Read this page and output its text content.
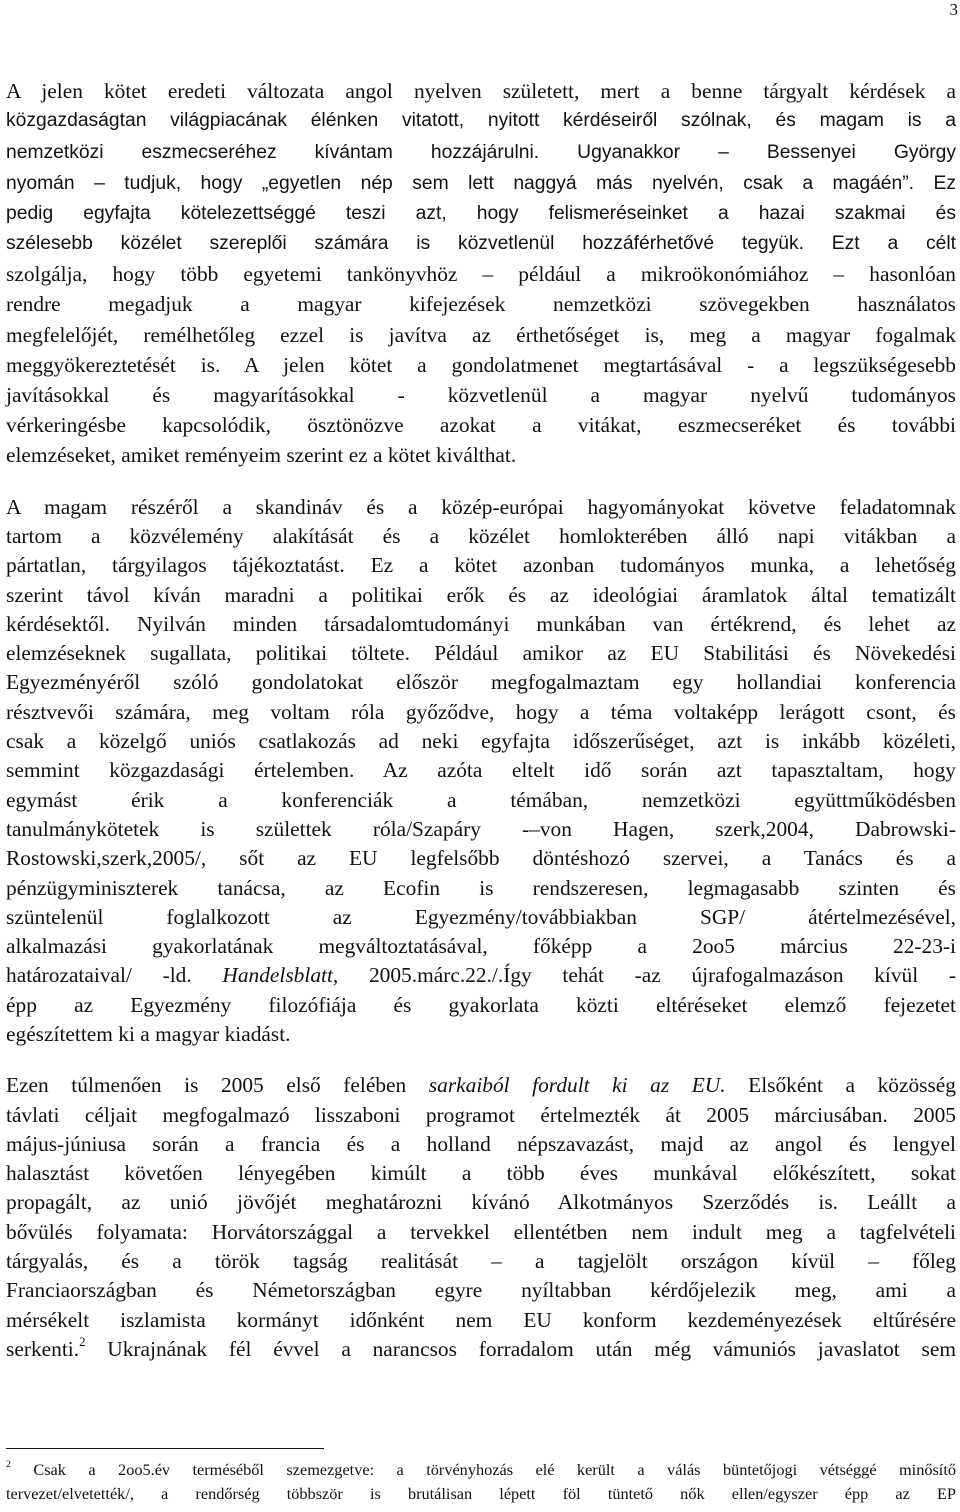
3

A jelen kötet eredeti változata angol nyelven született, mert a benne tárgyalt kérdések a
közgazdaságtan világpiacának élénken vitatott, nyitott kérdéseiről szólnak, és magam is a
nemzetközi eszmecseréhez kívántam hozzájárulni. Ugyanakkor – Bessenyei György
nyomán – tudjuk, hogy „egyetlen nép sem lett naggyá más nyelvén, csak a magáén”. Ez
pedig egyfajta kötelezettséggé teszi azt, hogy felismeréseinket a hazai szakmai és
szélesebb közélet szereplői számára is közvetlenül hozzáférhetővé tegyük. Ezt a célt
szolgálja, hogy több egyetemi tankönyvhöz – például a mikroökonómiához – hasonlóan
rendre megadjuk a magyar kifejezések nemzetközi szövegekben használatos
megfelelőjét, remélhetőleg ezzel is javítva az érthetőséget is, meg a magyar fogalmak
meggyökereztetését is. A jelen kötet a gondolatmenet megtartásával - a legszükségesebb
javításokkal és magyarításokkal - közvetlenül a magyar nyelvű tudományos
vérkeringésbe kapcsolódik, ösztönözve azokat a vitákat, eszmecseréket és további
elemzéseket, amiket reményeim szerint ez a kötet kiválthat.

A magam részéről a skandináv és a közép-európai hagyományokat követve feladatomnak
tartom a közvélemény alakítását és a közélet homlokterében álló napi vitákban a
pártatlan, tárgyilagos tájékoztatást. Ez a kötet azonban tudományos munka, a lehetőség
szerint távol kíván maradni a politikai erők és az ideológiai áramlatok által tematizált
kérdésektől. Nyilván minden társadalomtudományi munkában van értékrend, és lehet az
elemzéseknek sugallata, politikai töltete. Például amikor az EU Stabilitási és Növekedési
Egyezményéről szóló gondolatokat először megfogalmaztam egy hollandiai konferencia
résztvevői számára, meg voltam róla győződve, hogy a téma voltaképp lerágott csont, és
csak a közelgő uniós csatlakozás ad neki egyfajta időszerűséget, azt is inkább közéleti,
semmint közgazdasági értelemben. Az azóta eltelt idő során azt tapasztaltam, hogy
egymást érik a konferenciák a témában, nemzetközi együttműködésben
tanulmánykötetek is születtek róla/Szapáry -–von Hagen, szerk,2004, Dabrowski-
Rostowski,szerk,2005/, sőt az EU legfelsőbb döntéshozó szervei, a Tanács és a
pénzügyminiszterek tanácsa, az Ecofin is rendszeresen, legmagasabb szinten és
szüntelenül foglalkozott az Egyezmény/továbbiakban SGP/ átértelmezésével,
alkalmazási gyakorlatának megváltoztatásával, főképp a 2oo5 március 22-23-i
határozataival/ -ld. Handelsblatt, 2005.márc.22./.Így tehát -az újrafogalmazáson kívül -
épp az Egyezmény filozófiája és gyakorlata közti eltéréseket elemző fejezetet
egészítettem ki a magyar kiadást.

Ezen túlmenően is 2005 első felében sarkaiból fordult ki az EU. Elsőként a közösség
távlati céljait megfogalmazó lisszaboni programot értelmezték át 2005 márciusában. 2005
május-júniusa során a francia és a holland népszavazást, majd az angol és lengyel
halasztást követően lényegében kimúlt a több éves munkával előkészített, sokat
propagált, az unió jövőjét meghatározni kívánó Alkotmányos Szerződés is. Leállt a
bővülés folyamata: Horvátországgal a tervekkel ellentétben nem indult meg a tagfelvételi
tárgyalás, és a török tagság realitását – a tagjelölt országon kívül – főleg
Franciaországban és Németországban egyre nyíltabban kérdőjelezik meg, ami a
mérsékelt iszlamista kormányt időnként nem EU konform kezdeményezések eltűrésére
serkenti.$^2$ Ukrajnának fél évvel a narancsos forradalom után még vámuniós javaslatot sem

$^2$ Csak a 2oo5.év terméséből szemezgetve: a törvényhozás elé került a válás büntetőjogi vétséggé minősítő
tervezet/elvetették/, a rendőrség többször is brutálisan lépett föl tüntető nők ellen/egyszer épp az EP
